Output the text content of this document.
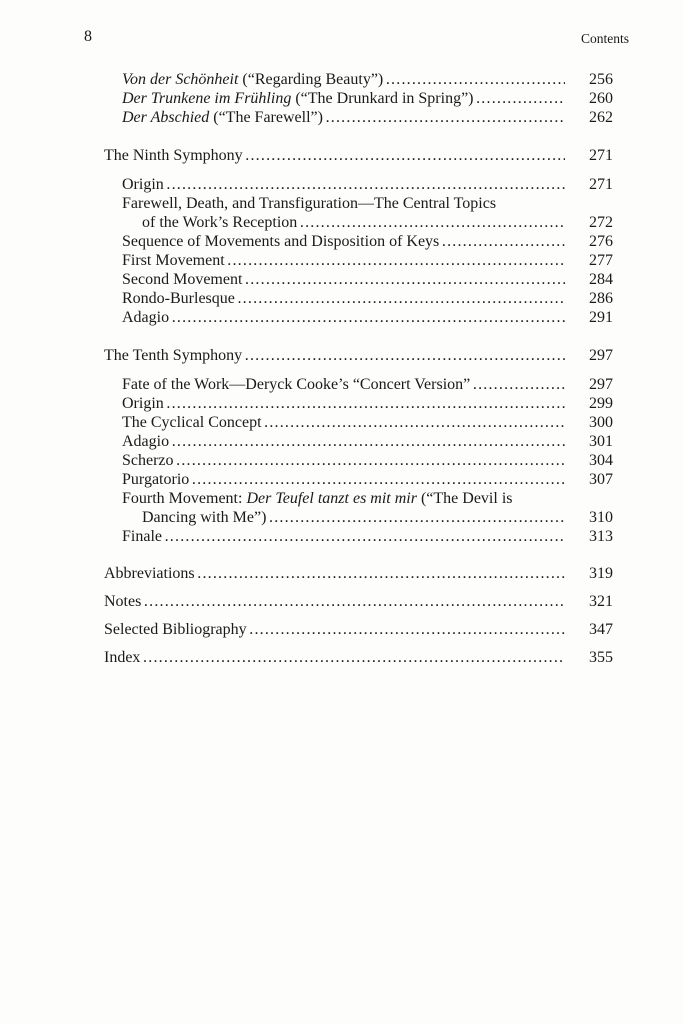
8	Contents
Von der Schönheit (“Regarding Beauty”) . . .	256
Der Trunkene im Frühling (“The Drunkard in Spring”) . . .	260
Der Abschied (“The Farewell”) . . .	262
The Ninth Symphony . . .	271
Origin . . .	271
Farewell, Death, and Transfiguration—The Central Topics
of the Work’s Reception . . .	272
Sequence of Movements and Disposition of Keys . . .	276
First Movement . . .	277
Second Movement . . .	284
Rondo-Burlesque . . .	286
Adagio . . .	291
The Tenth Symphony . . .	297
Fate of the Work—Deryck Cooke’s “Concert Version” . . .	297
Origin . . .	299
The Cyclical Concept . . .	300
Adagio . . .	301
Scherzo . . .	304
Purgatorio . . .	307
Fourth Movement: Der Teufel tanzt es mit mir (“The Devil is
Dancing with Me”) . . .	310
Finale . . .	313
Abbreviations . . .	319
Notes . . .	321
Selected Bibliography . . .	347
Index . . .	355
